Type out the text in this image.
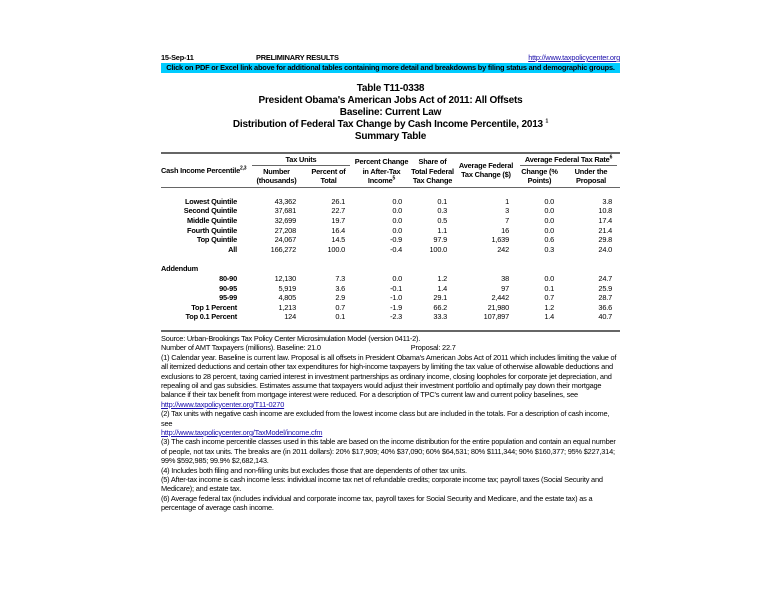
15-Sep-11	PRELIMINARY RESULTS	http://www.taxpolicycenter.org
Click on PDF or Excel link above for additional tables containing more detail and breakdowns by filing status and demographic groups.
Table T11-0338
President Obama's American Jobs Act of 2011: All Offsets
Baseline: Current Law
Distribution of Federal Tax Change by Cash Income Percentile, 2013 $^1$
Summary Table

Cash Income Percentile$^{2,3}$	Tax Units		Percent Change in After-Tax Income$^5$	Share of Total Federal Tax Change	Average Federal Tax Change ($)	Average Federal Tax Rate$^6$

	Number (thousands)	Percent of Total				Change (% Points)	Under the Proposal

Lowest Quintile	43,362	26.1	0.0	0.1	1	0.0	3.8
Second Quintile	37,681	22.7	0.0	0.3	3	0.0	10.8
Middle Quintile	32,699	19.7	0.0	0.5	7	0.0	17.4
Fourth Quintile	27,208	16.4	0.0	1.1	16	0.0	21.4
Top Quintile	24,067	14.5	-0.9	97.9	1,639	0.6	29.8
All	166,272	100.0	-0.4	100.0	242	0.3	24.0

Addendum							
80-90	12,130	7.3	0.0	1.2	38	0.0	24.7
90-95	5,919	3.6	-0.1	1.4	97	0.1	25.9
95-99	4,805	2.9	-1.0	29.1	2,442	0.7	28.7
Top 1 Percent	1,213	0.7	-1.9	66.2	21,980	1.2	36.6
Top 0.1 Percent	124	0.1	-2.3	33.3	107,897	1.4	40.7

Source: Urban-Brookings Tax Policy Center Microsimulation Model (version 0411-2).
Number of AMT Taxpayers (millions). Baseline: 21.0	Proposal: 22.7
(1) Calendar year. Baseline is current law. Proposal is all offsets in President Obama's American Jobs Act of 2011 which includes limiting the value of all itemized deductions and certain other tax expenditures for high-income taxpayers by limiting the tax value of otherwise allowable deductions and exclusions to 28 percent, taxing carried interest in investment partnerships as ordinary income, closing loopholes for corporate jet depreciation, and repealing oil and gas subsidies. Estimates assume that taxpayers would adjust their investment portfolio and optimally pay down their mortgage balance if their tax benefit from mortgage interest were reduced. For a description of TPC's current law and current policy baselines, see
http://www.taxpolicycenter.org/T11-0270
(2) Tax units with negative cash income are excluded from the lowest income class but are included in the totals. For a description of cash income, see
http://www.taxpolicycenter.org/TaxModel/income.cfm
(3) The cash income percentile classes used in this table are based on the income distribution for the entire population and contain an equal number of people, not tax units. The breaks are (in 2011 dollars): 20% $17,909; 40% $37,090; 60% $64,531; 80% $111,344; 90% $160,377; 95% $227,314; 99% $592,985; 99.9% $2,682,143.
(4) Includes both filing and non-filing units but excludes those that are dependents of other tax units.
(5) After-tax income is cash income less: individual income tax net of refundable credits; corporate income tax; payroll taxes (Social Security and Medicare); and estate tax.
(6) Average federal tax (includes individual and corporate income tax, payroll taxes for Social Security and Medicare, and the estate tax) as a percentage of average cash income.
